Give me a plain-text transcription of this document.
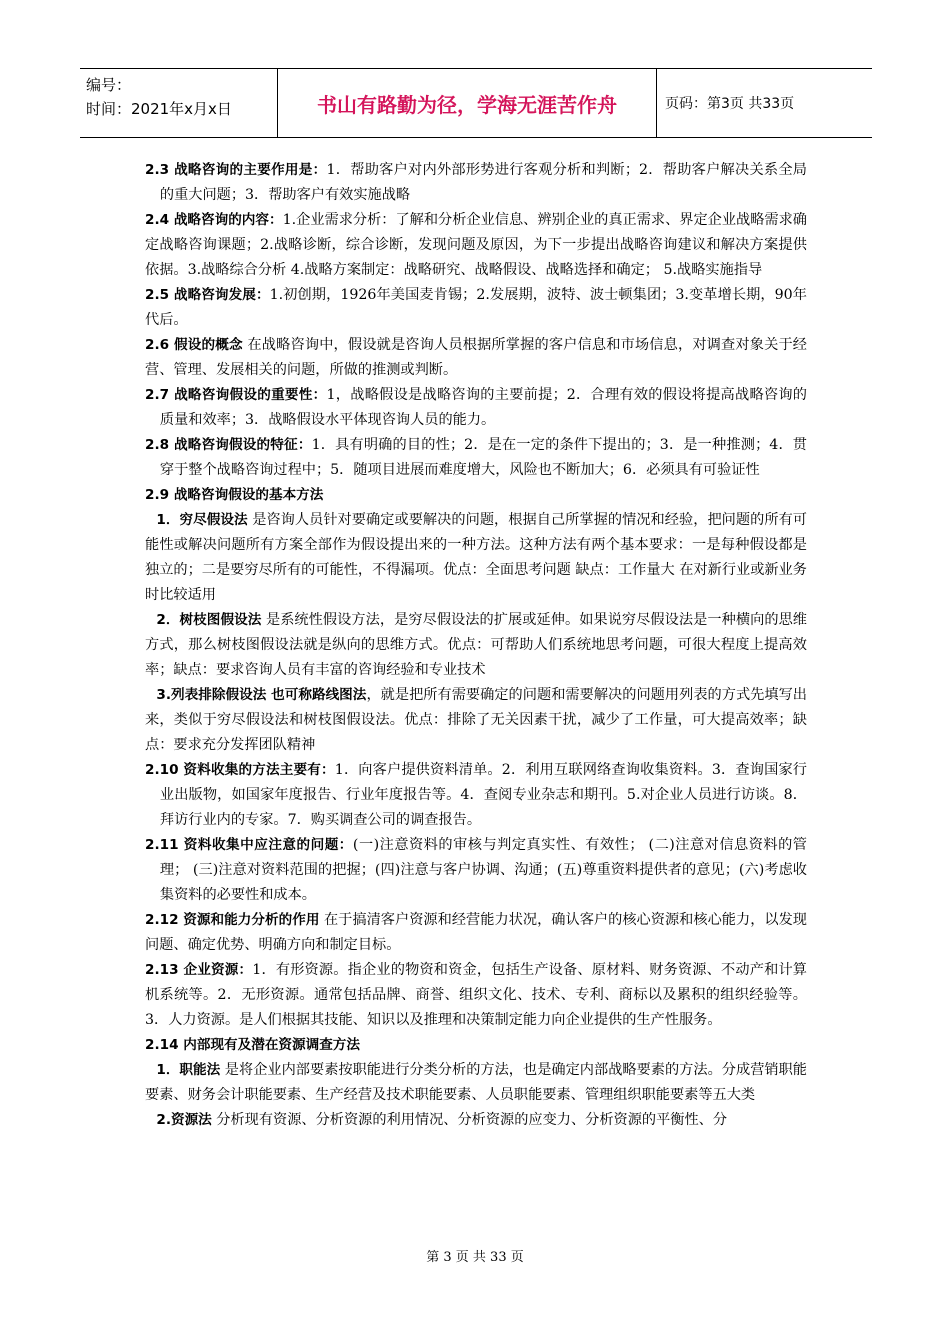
编号：
时间：2021年x月x日	书山有路勤为径，学海无涯苦作舟	页码：第3页 共33页

2.3 战略咨询的主要作用是：1．帮助客户对内外部形势进行客观分析和判断；2．帮助客户解决关系全局的重大问题；3．帮助客户有效实施战略

2.4 战略咨询的内容：1.企业需求分析：了解和分析企业信息、辨别企业的真正需求、界定企业战略需求确定战略咨询课题；2.战略诊断，综合诊断，发现问题及原因，为下一步提出战略咨询建议和解决方案提供依据。3.战略综合分析 4.战略方案制定：战略研究、战略假设、战略选择和确定； 5.战略实施指导

2.5 战略咨询发展：1.初创期，1926年美国麦肯锡；2.发展期，波特、波士顿集团；3.变革增长期，90年代后。

2.6 假设的概念 在战略咨询中，假设就是咨询人员根据所掌握的客户信息和市场信息，对调查对象关于经营、管理、发展相关的问题，所做的推测或判断。

2.7 战略咨询假设的重要性：1，战略假设是战略咨询的主要前提；2．合理有效的假设将提高战略咨询的质量和效率；3．战略假设水平体现咨询人员的能力。

2.8 战略咨询假设的特征：1．具有明确的目的性；2．是在一定的条件下提出的；3．是一种推测；4．贯穿于整个战略咨询过程中；5．随项目进展而难度增大，风险也不断加大；6．必须具有可验证性

2.9 战略咨询假设的基本方法

1．穷尽假设法 是咨询人员针对要确定或要解决的问题，根据自己所掌握的情况和经验，把问题的所有可能性或解决问题所有方案全部作为假设提出来的一种方法。这种方法有两个基本要求：一是每种假设都是独立的；二是要穷尽所有的可能性，不得漏项。优点：全面思考问题 缺点：工作量大 在对新行业或新业务时比较适用

2．树枝图假设法 是系统性假设方法，是穷尽假设法的扩展或延伸。如果说穷尽假设法是一种横向的思维方式，那么树枝图假设法就是纵向的思维方式。优点：可帮助人们系统地思考问题，可很大程度上提高效率；缺点：要求咨询人员有丰富的咨询经验和专业技术

3.列表排除假设法 也可称路线图法，就是把所有需要确定的问题和需要解决的问题用列表的方式先填写出来，类似于穷尽假设法和树枝图假设法。优点：排除了无关因素干扰，减少了工作量，可大提高效率；缺点：要求充分发挥团队精神

2.10 资料收集的方法主要有：1．向客户提供资料清单。2．利用互联网络查询收集资料。3．查询国家行业出版物，如国家年度报告、行业年度报告等。4．查阅专业杂志和期刊。5.对企业人员进行访谈。8．拜访行业内的专家。7．购买调查公司的调查报告。

2.11 资料收集中应注意的问题：(一)注意资料的审核与判定真实性、有效性； (二)注意对信息资料的管理； (三)注意对资料范围的把握；(四)注意与客户协调、沟通；(五)尊重资料提供者的意见；(六)考虑收集资料的必要性和成本。

2.12 资源和能力分析的作用 在于搞清客户资源和经营能力状况，确认客户的核心资源和核心能力，以发现问题、确定优势、明确方向和制定目标。

2.13 企业资源：1．有形资源。指企业的物资和资金，包括生产设备、原材料、财务资源、不动产和计算机系统等。2．无形资源。通常包括品牌、商誉、组织文化、技术、专利、商标以及累积的组织经验等。3．人力资源。是人们根据其技能、知识以及推理和决策制定能力向企业提供的生产性服务。

2.14 内部现有及潜在资源调查方法

1．职能法 是将企业内部要素按职能进行分类分析的方法，也是确定内部战略要素的方法。分成营销职能要素、财务会计职能要素、生产经营及技术职能要素、人员职能要素、管理组织职能要素等五大类

2.资源法 分析现有资源、分析资源的利用情况、分析资源的应变力、分析资源的平衡性、分

第 3 页 共 33 页
